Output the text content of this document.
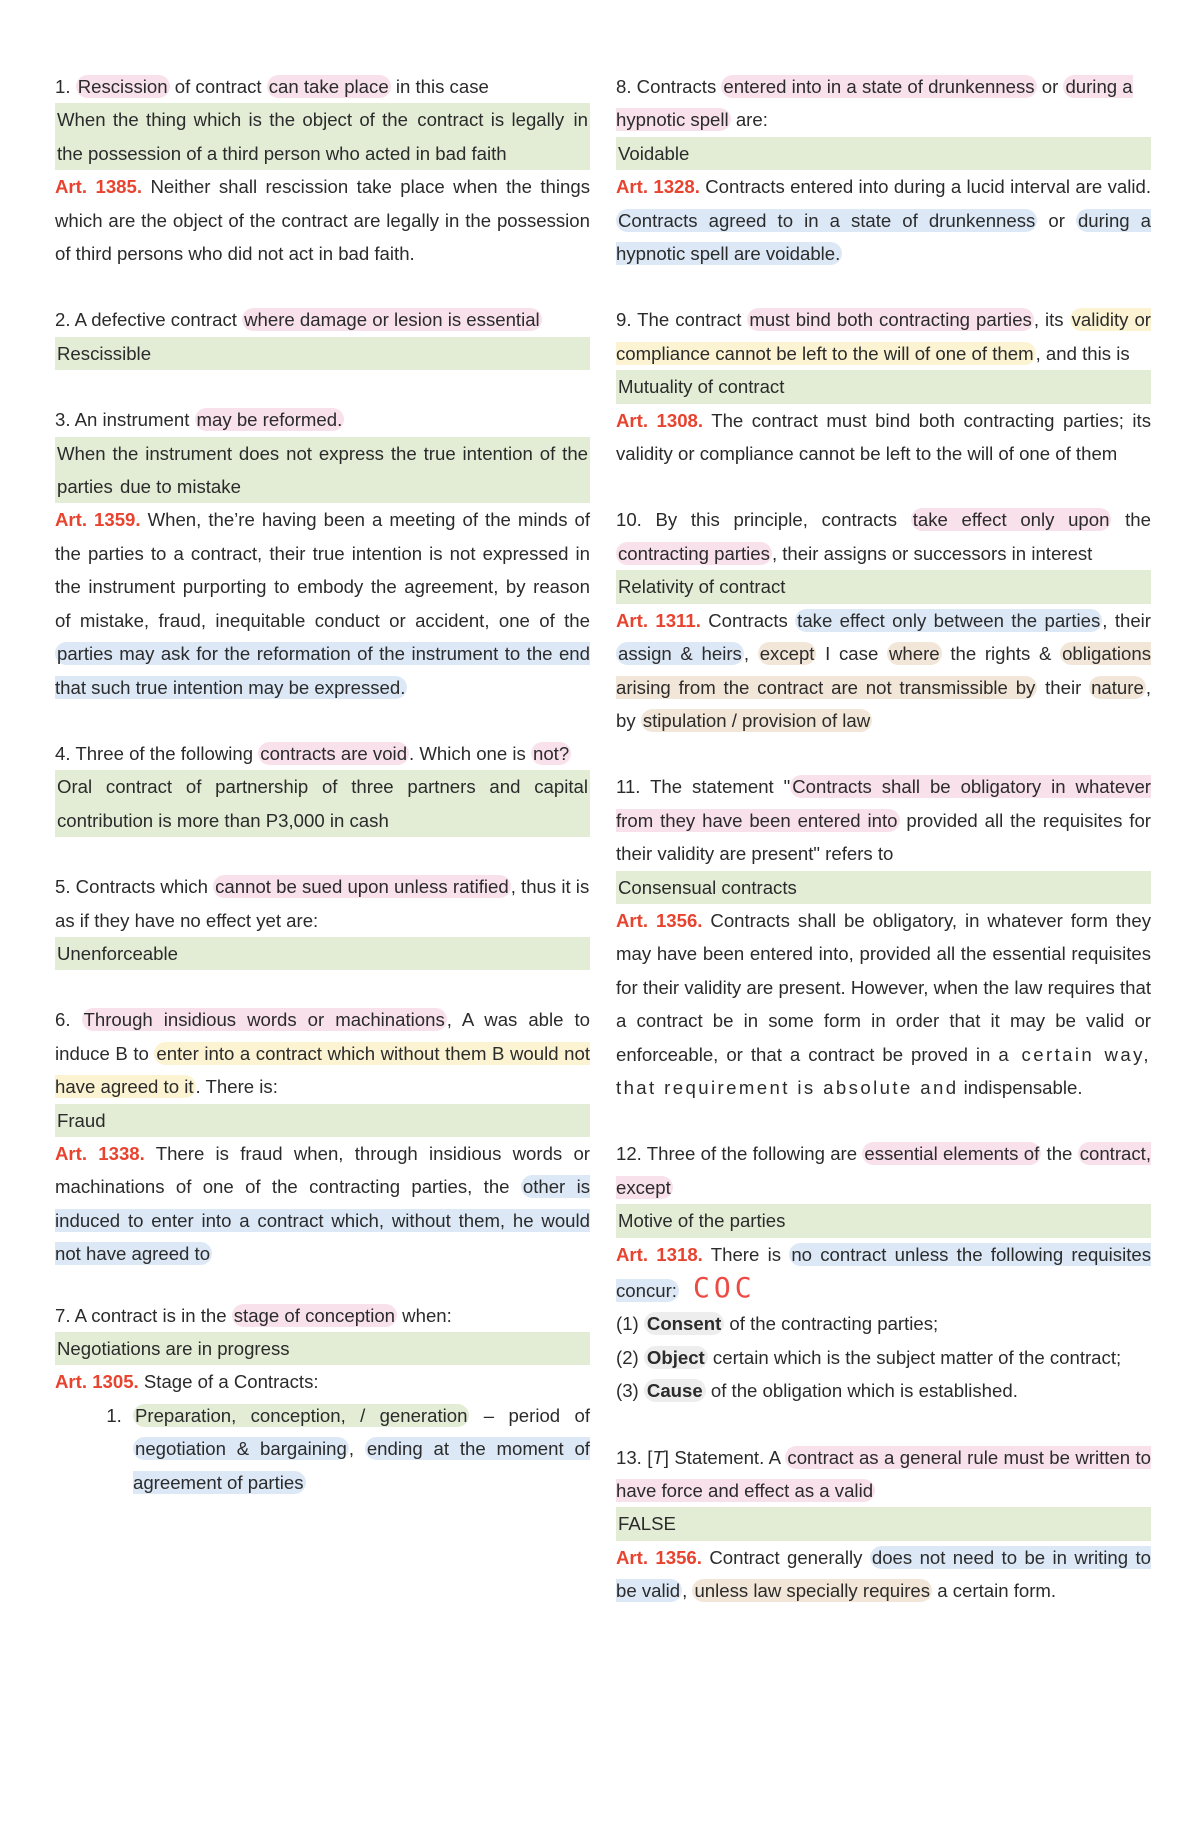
1. Rescission of contract can take place in this case

When the thing which is the object of the contract is legally in the possession of a third person who acted in bad faith

Art. 1385. Neither shall rescission take place when the things which are the object of the contract are legally in the possession of third persons who did not act in bad faith.

2. A defective contract where damage or lesion is essential

Rescissible

3. An instrument may be reformed.

When the instrument does not express the true intention of the parties due to mistake

Art. 1359. When, the’re having been a meeting of the minds of the parties to a contract, their true intention is not expressed in the instrument purporting to embody the agreement, by reason of mistake, fraud, inequitable conduct or accident, one of the parties may ask for the reformation of the instrument to the end that such true intention may be expressed.

4. Three of the following contracts are void . Which one is not?

Oral contract of partnership of three partners and capital contribution is more than P3,000 in cash

5. Contracts which cannot be sued upon unless ratified , thus it is as if they have no effect yet are:

Unenforceable

6. Through insidious words or machinations , A was able to induce B to enter into a contract which without them B would not have agreed to it . There is:

Fraud

Art. 1338. There is fraud when, through insidious words or machinations of one of the contracting parties, the other is induced to enter into a contract which, without them, he would not have agreed to

7. A contract is in the stage of conception when:

Negotiations are in progress

Art. 1305. Stage of a Contracts:

1. Preparation, conception, / generation – period of negotiation & bargaining , ending at the moment of agreement of parties

8. Contracts entered into in a state of drunkenness or during a hypnotic spell are:

Voidable

Art. 1328. Contracts entered into during a lucid interval are valid. Contracts agreed to in a state of drunkenness or during a hypnotic spell are voidable.

9. The contract must bind both contracting parties , its validity or compliance cannot be left to the will of one of them , and this is

Mutuality of contract

Art. 1308. The contract must bind both contracting parties; its validity or compliance cannot be left to the will of one of them

10. By this principle, contracts take effect only upon the contracting parties , their assigns or successors in interest

Relativity of contract

Art. 1311. Contracts take effect only between the parties , their assign & heirs , except I case where the rights & obligations arising from the contract are not transmissible by their nature , by stipulation / provision of law

11. The statement " Contracts shall be obligatory in whatever from they have been entered into provided all the requisites for their validity are present" refers to

Consensual contracts

Art. 1356. Contracts shall be obligatory, in whatever form they may have been entered into, provided all the essential requisites for their validity are present. However, when the law requires that a contract be in some form in order that it may be valid or enforceable, or that a contract be proved in a certain way, that requirement is absolute and indispensable.

12. Three of the following are essential elements of the contract, except

Motive of the parties

Art. 1318. There is no contract unless the following requisites concur: COC

(1) Consent of the contracting parties;

(2) Object certain which is the subject matter of the contract;

(3) Cause of the obligation which is established.

13. [T] Statement. A contract as a general rule must be written to have force and effect as a valid

FALSE

Art. 1356. Contract generally does not need to be in writing to be valid , unless law specially requires a certain form.
